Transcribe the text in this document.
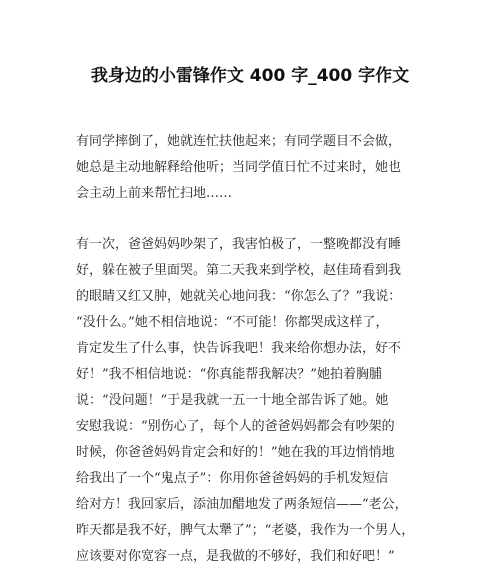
我身边的小雷锋作文 400 字_400 字作文
有同学摔倒了，她就连忙扶他起来；有同学题目不会做，
她总是主动地解释给他听；当同学值日忙不过来时，她也
会主动上前来帮忙扫地……
有一次，爸爸妈妈吵架了，我害怕极了，一整晚都没有睡
好，躲在被子里面哭。第二天我来到学校，赵佳琦看到我
的眼睛又红又肿，她就关心地问我：“你怎么了？”我说：
“没什么。”她不相信地说：“不可能！你都哭成这样了，
肯定发生了什么事，快告诉我吧！我来给你想办法，好不
好！”我不相信地说：“你真能帮我解决？”她拍着胸脯
说：“没问题！”于是我就一五一十地全部告诉了她。她
安慰我说：“别伤心了，每个人的爸爸妈妈都会有吵架的
时候，你爸爸妈妈肯定会和好的！”她在我的耳边悄悄地
给我出了一个“鬼点子”：你用你爸爸妈妈的手机发短信
给对方！我回家后，添油加醋地发了两条短信——“老公，
昨天都是我不好，脾气太犟了”；“老婆，我作为一个男人，
应该要对你宽容一点，是我做的不够好，我们和好吧！”
